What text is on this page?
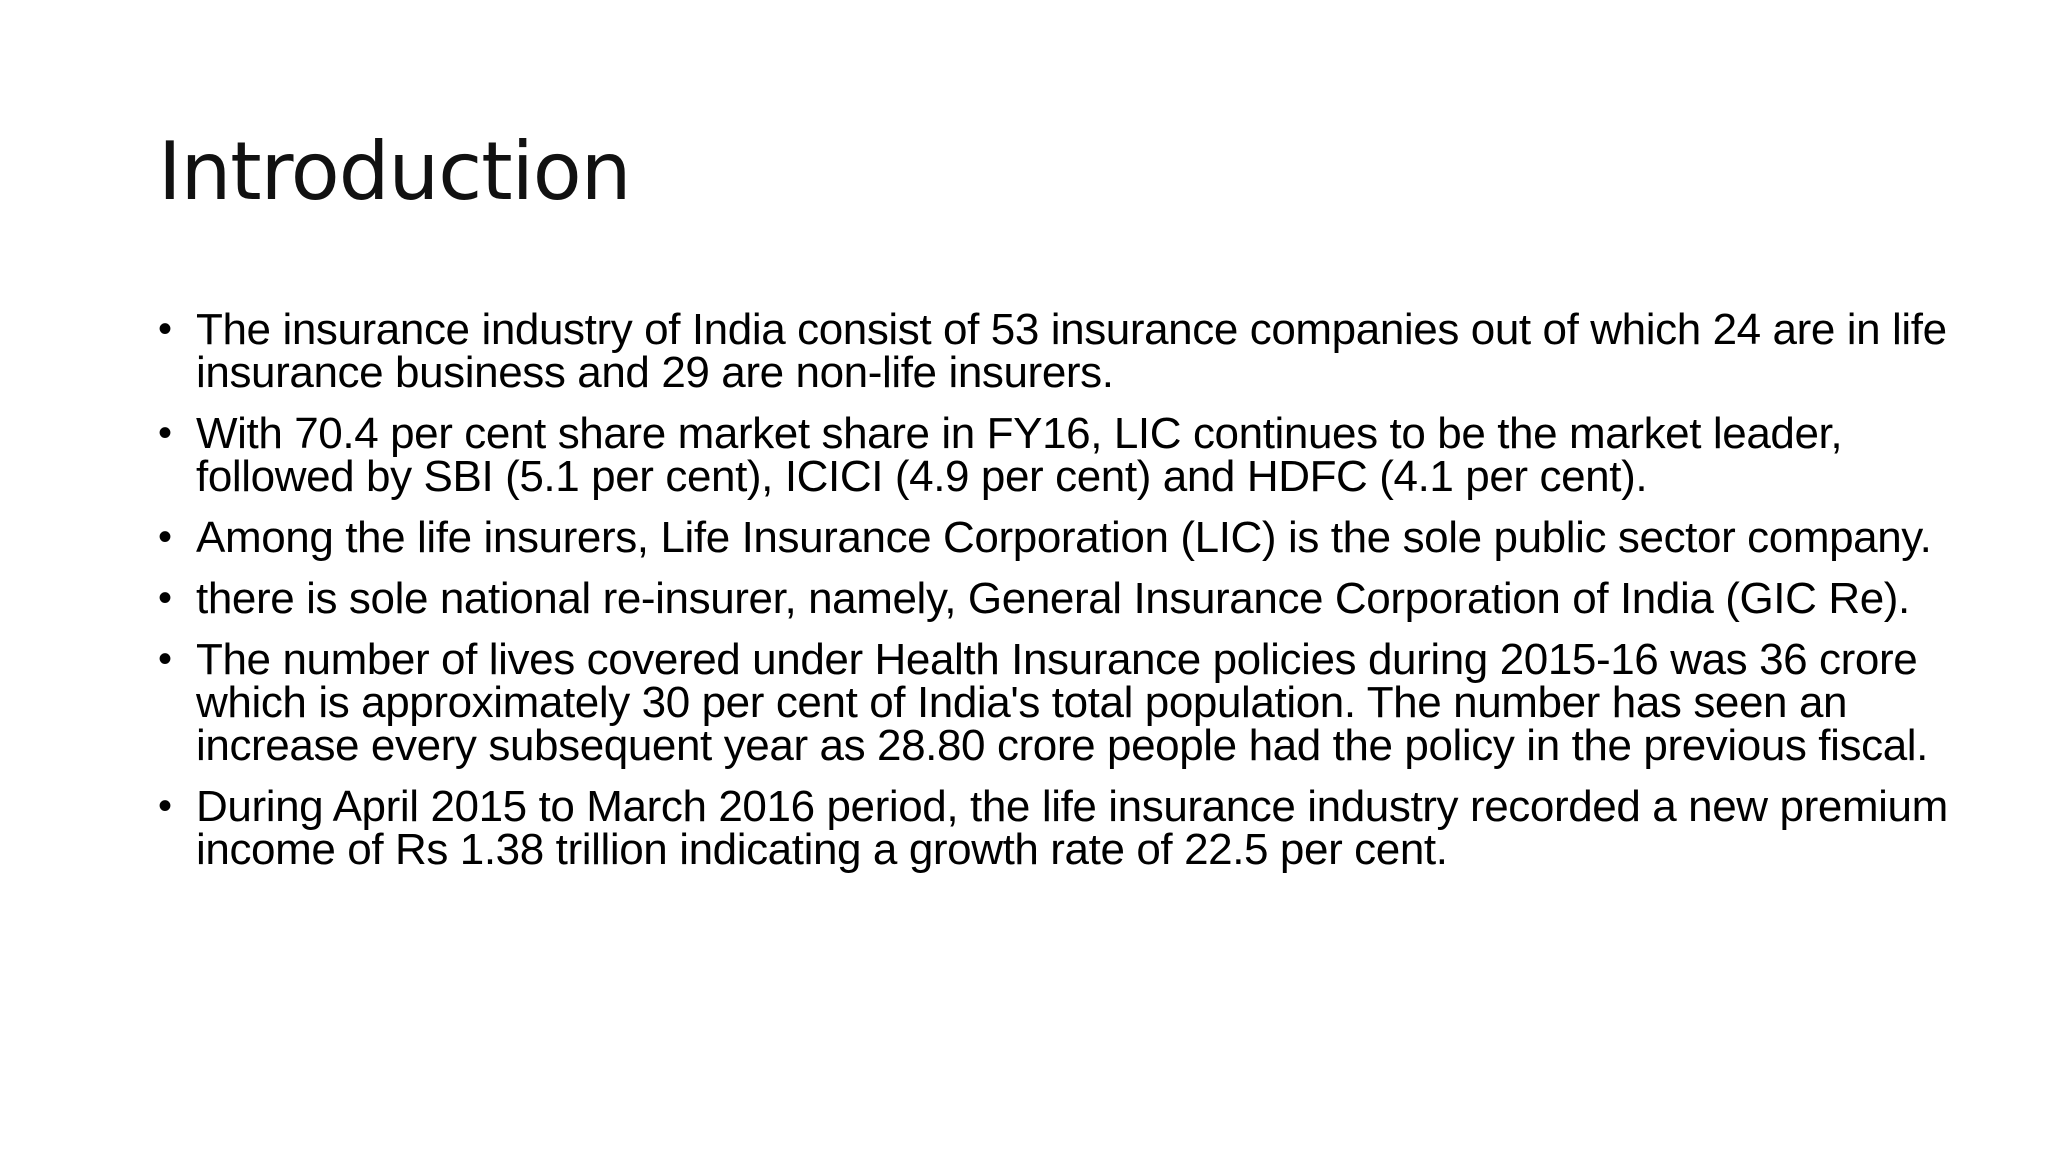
Introduction
• The insurance industry of India consist of 53 insurance companies out of which 24 are in life insurance business and 29 are non-life insurers.
• With 70.4 per cent share market share in FY16, LIC continues to be the market leader, followed by SBI (5.1 per cent), ICICI (4.9 per cent) and HDFC (4.1 per cent).
• Among the life insurers, Life Insurance Corporation (LIC) is the sole public sector company.
• there is sole national re-insurer, namely, General Insurance Corporation of India (GIC Re).
• The number of lives covered under Health Insurance policies during 2015-16 was 36 crore which is approximately 30 per cent of India's total population. The number has seen an increase every subsequent year as 28.80 crore people had the policy in the previous fiscal.
• During April 2015 to March 2016 period, the life insurance industry recorded a new premium income of Rs 1.38 trillion indicating a growth rate of 22.5 per cent.
